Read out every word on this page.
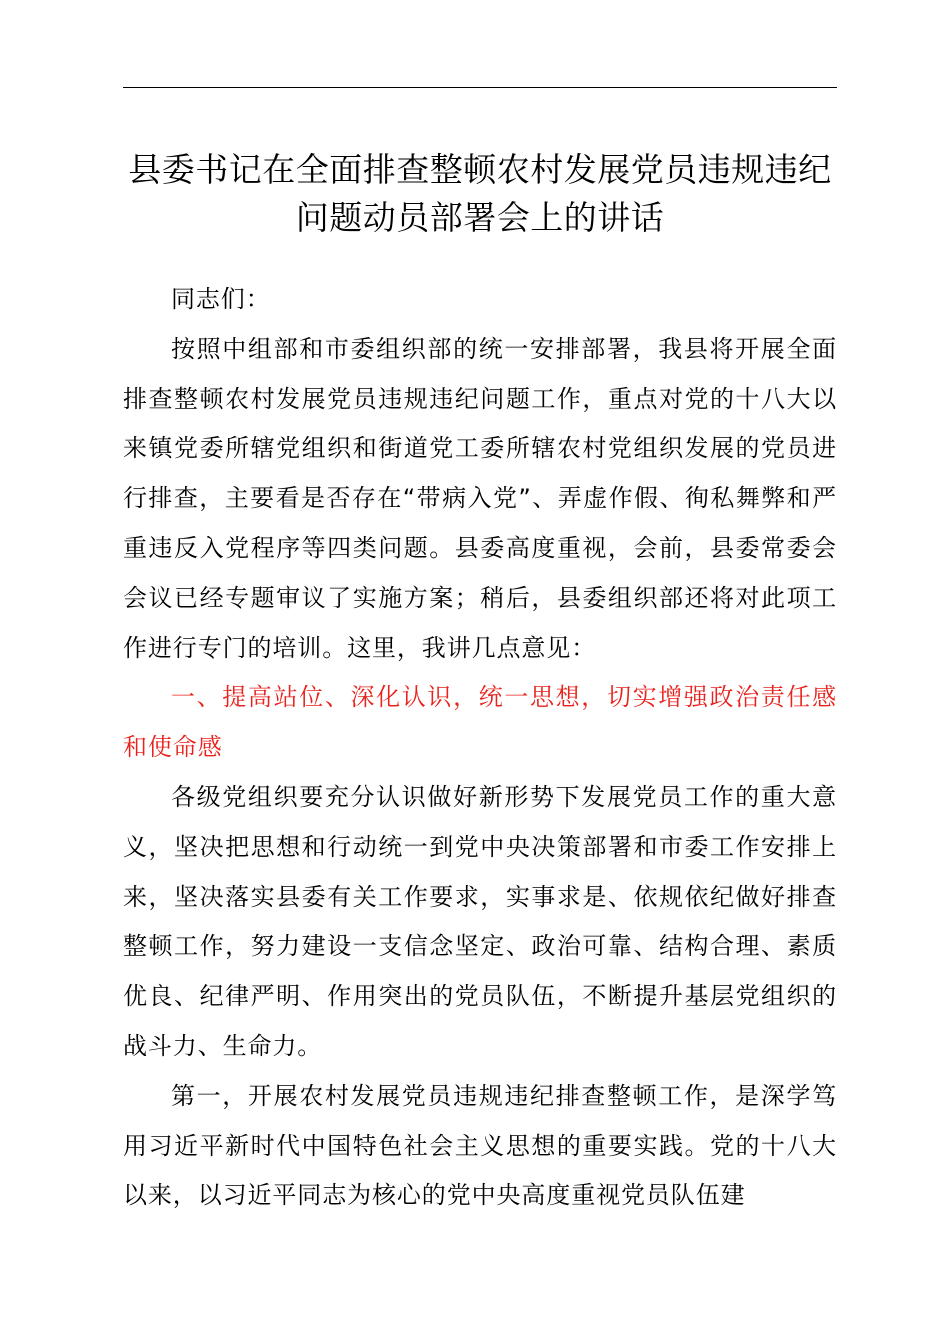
县委书记在全面排查整顿农村发展党员违规违纪问题动员部署会上的讲话

同志们：

按照中组部和市委组织部的统一安排部署，我县将开展全面排查整顿农村发展党员违规违纪问题工作，重点对党的十八大以来镇党委所辖党组织和街道党工委所辖农村党组织发展的党员进行排查，主要看是否存在“带病入党”、弄虚作假、徇私舞弊和严重违反入党程序等四类问题。县委高度重视，会前，县委常委会会议已经专题审议了实施方案；稍后，县委组织部还将对此项工作进行专门的培训。这里，我讲几点意见：

一、提高站位、深化认识，统一思想，切实增强政治责任感和使命感

各级党组织要充分认识做好新形势下发展党员工作的重大意义，坚决把思想和行动统一到党中央决策部署和市委工作安排上来，坚决落实县委有关工作要求，实事求是、依规依纪做好排查整顿工作，努力建设一支信念坚定、政治可靠、结构合理、素质优良、纪律严明、作用突出的党员队伍，不断提升基层党组织的战斗力、生命力。

第一，开展农村发展党员违规违纪排查整顿工作，是深学笃用习近平新时代中国特色社会主义思想的重要实践。党的十八大以来，以习近平同志为核心的党中央高度重视党员队伍建
